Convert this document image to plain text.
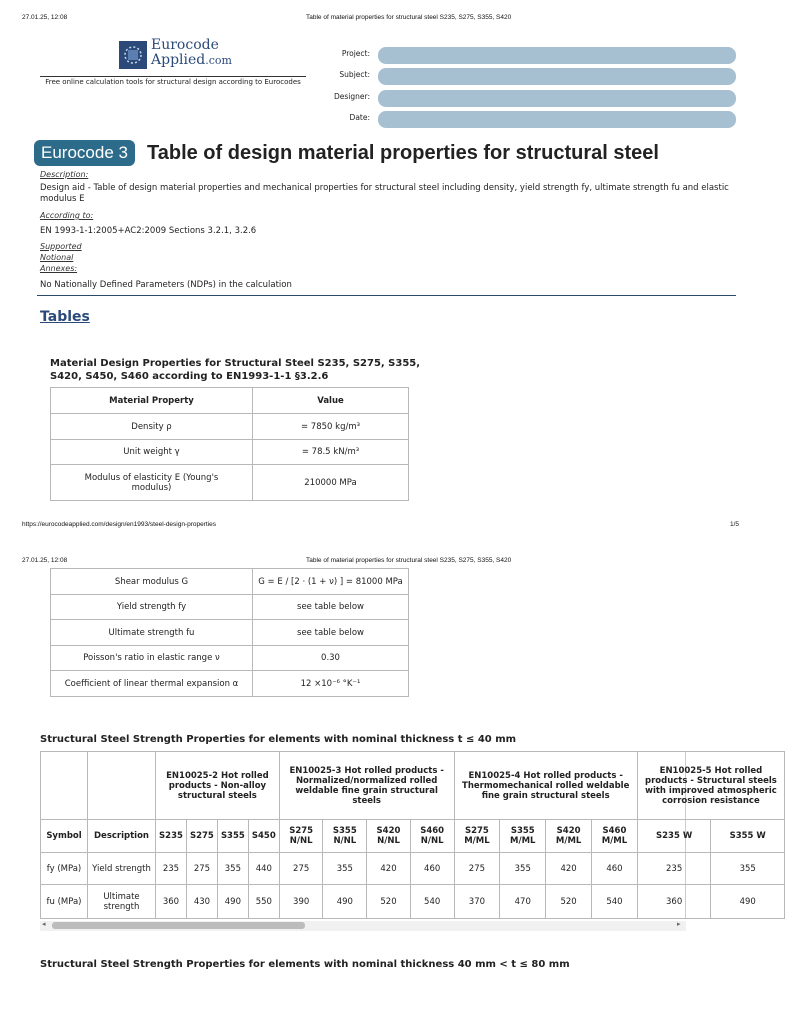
27.01.25, 12:08	Table of material properties for structural steel S235, S275, S355, S420
Eurocode
Applied.com
Free online calculation tools for structural design according to Eurocodes
Project:
Subject:
Designer:
Date:
Eurocode 3 Table of design material properties for structural steel
Description:
Design aid - Table of design material properties and mechanical properties for structural steel including density, yield strength fy, ultimate strength fu and elastic modulus E
According to:
EN 1993-1-1:2005+AC2:2009 Sections 3.2.1, 3.2.6
Supported
Notional
Annexes:
No Nationally Defined Parameters (NDPs) in the calculation
Tables
Material Design Properties for Structural Steel S235, S275, S355, S420, S450, S460 according to EN1993-1-1 §3.2.6
Material Property	Value
Density ρ	= 7850 kg/m³
Unit weight γ	= 78.5 kN/m³
Modulus of elasticity E (Young's modulus)	210000 MPa
https://eurocodeapplied.com/design/en1993/steel-design-properties	1/5
27.01.25, 12:08	Table of material properties for structural steel S235, S275, S355, S420
Shear modulus G	G = E / [2 · (1 + ν) ] = 81000 MPa
Yield strength fy	see table below
Ultimate strength fu	see table below
Poisson's ratio in elastic range ν	0.30
Coefficient of linear thermal expansion α	12 ×10⁻⁶ °K⁻¹
Structural Steel Strength Properties for elements with nominal thickness t ≤ 40 mm
		EN10025-2 Hot rolled products - Non-alloy structural steels				EN10025-3 Hot rolled products - Normalized/normalized rolled weldable fine grain structural steels				EN10025-4 Hot rolled products - Thermomechanical rolled weldable fine grain structural steels				EN10025-5 Hot rolled products - Structural steels with improved atmospheric corrosion resistance	
Symbol	Description	S235	S275	S355	S450	S275 N/NL	S355 N/NL	S420 N/NL	S460 N/NL	S275 M/ML	S355 M/ML	S420 M/ML	S460 M/ML	S235 W	S355 W
fy (MPa)	Yield strength	235	275	355	440	275	355	420	460	275	355	420	460	235	355
fu (MPa)	Ultimate strength	360	430	490	550	390	490	520	540	370	470	520	540	360	490
◂	▸
Structural Steel Strength Properties for elements with nominal thickness 40 mm < t ≤ 80 mm
